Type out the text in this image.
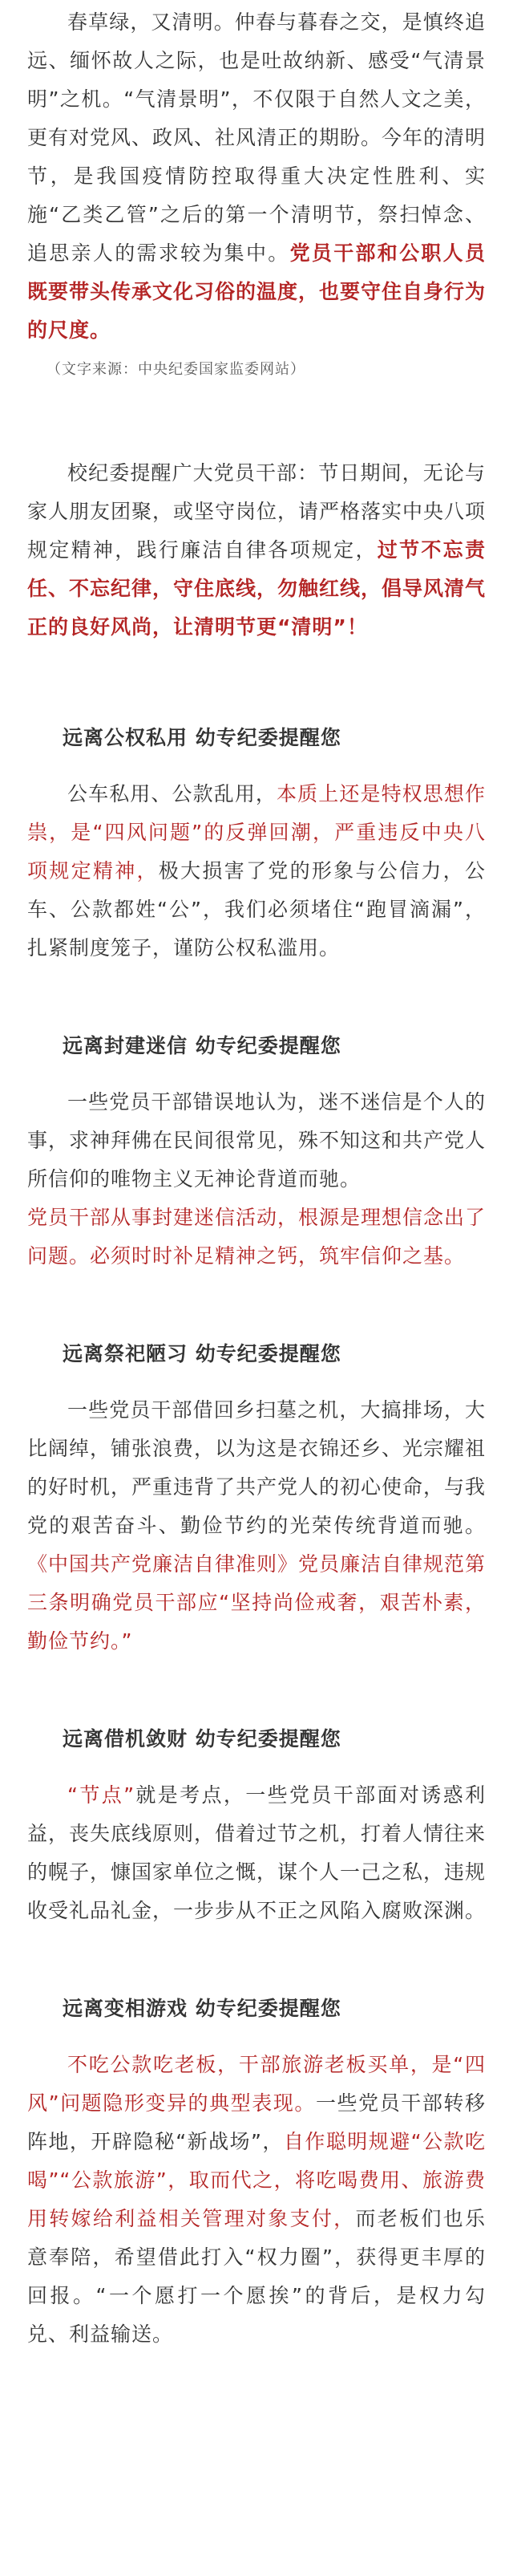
春草绿，又清明。仲春与暮春之交，是慎终追远、缅怀故人之际，也是吐故纳新、感受“气清景明”之机。“气清景明”，不仅限于自然人文之美，更有对党风、政风、社风清正的期盼。今年的清明节，是我国疫情防控取得重大决定性胜利、实施“乙类乙管”之后的第一个清明节，祭扫悼念、追思亲人的需求较为集中。党员干部和公职人员既要带头传承文化习俗的温度，也要守住自身行为的尺度。

（文字来源：中央纪委国家监委网站）

校纪委提醒广大党员干部：节日期间，无论与家人朋友团聚，或坚守岗位，请严格落实中央八项规定精神，践行廉洁自律各项规定，过节不忘责任、不忘纪律，守住底线，勿触红线，倡导风清气正的良好风尚，让清明节更“清明”！

远离公权私用 幼专纪委提醒您

公车私用、公款乱用，本质上还是特权思想作祟，是“四风问题”的反弹回潮，严重违反中央八项规定精神，极大损害了党的形象与公信力，公车、公款都姓“公”，我们必须堵住“跑冒滴漏”，扎紧制度笼子，谨防公权私滥用。

远离封建迷信 幼专纪委提醒您

一些党员干部错误地认为，迷不迷信是个人的事，求神拜佛在民间很常见，殊不知这和共产党人所信仰的唯物主义无神论背道而驰。

党员干部从事封建迷信活动，根源是理想信念出了问题。必须时时补足精神之钙，筑牢信仰之基。

远离祭祀陋习 幼专纪委提醒您

一些党员干部借回乡扫墓之机，大搞排场，大比阔绰，铺张浪费，以为这是衣锦还乡、光宗耀祖的好时机，严重违背了共产党人的初心使命，与我党的艰苦奋斗、勤俭节约的光荣传统背道而驰。《中国共产党廉洁自律准则》党员廉洁自律规范第三条明确党员干部应“坚持尚俭戒奢，艰苦朴素，勤俭节约。”

远离借机敛财 幼专纪委提醒您

“节点”就是考点，一些党员干部面对诱惑利益，丧失底线原则，借着过节之机，打着人情往来的幌子，慷国家单位之慨，谋个人一己之私，违规收受礼品礼金，一步步从不正之风陷入腐败深渊。

远离变相游戏 幼专纪委提醒您

不吃公款吃老板，干部旅游老板买单，是“四风”问题隐形变异的典型表现。一些党员干部转移阵地，开辟隐秘“新战场”，自作聪明规避“公款吃喝”“公款旅游”，取而代之，将吃喝费用、旅游费用转嫁给利益相关管理对象支付，而老板们也乐意奉陪，希望借此打入“权力圈”，获得更丰厚的回报。“一个愿打一个愿挨”的背后，是权力勾兑、利益输送。
